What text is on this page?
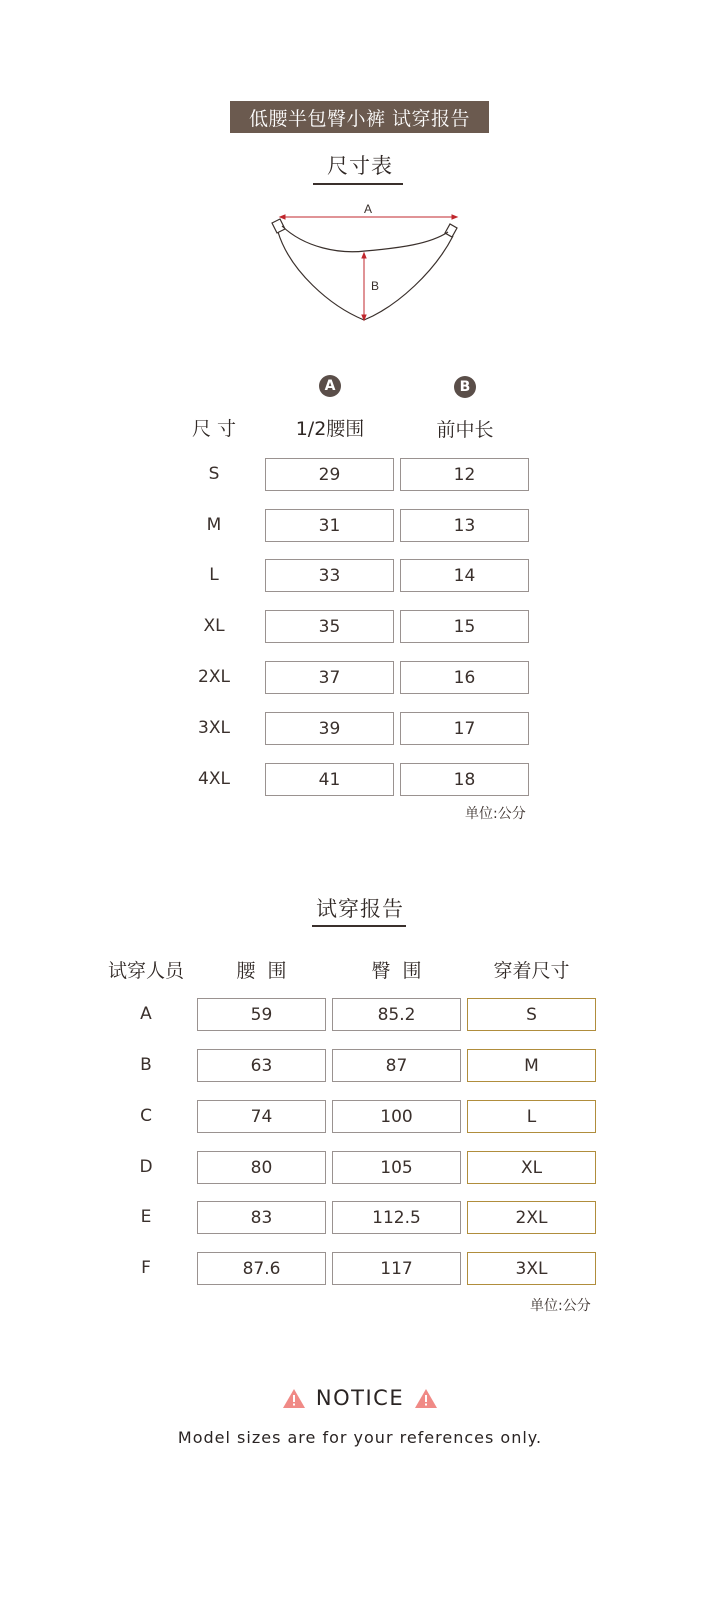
低腰半包臀小裤 试穿报告
尺寸表
A
B
A	B
尺 寸	1/2腰围	前中长
S	29	12
M	31	13
L	33	14
XL	35	15
2XL	37	16
3XL	39	17
4XL	41	18
单位:公分
试穿报告
试穿人员	腰  围	臀  围	穿着尺寸
A	59	85.2	S
B	63	87	M
C	74	100	L
D	80	105	XL
E	83	112.5	2XL
F	87.6	117	3XL
单位:公分
NOTICE
Model sizes are for your references only.
